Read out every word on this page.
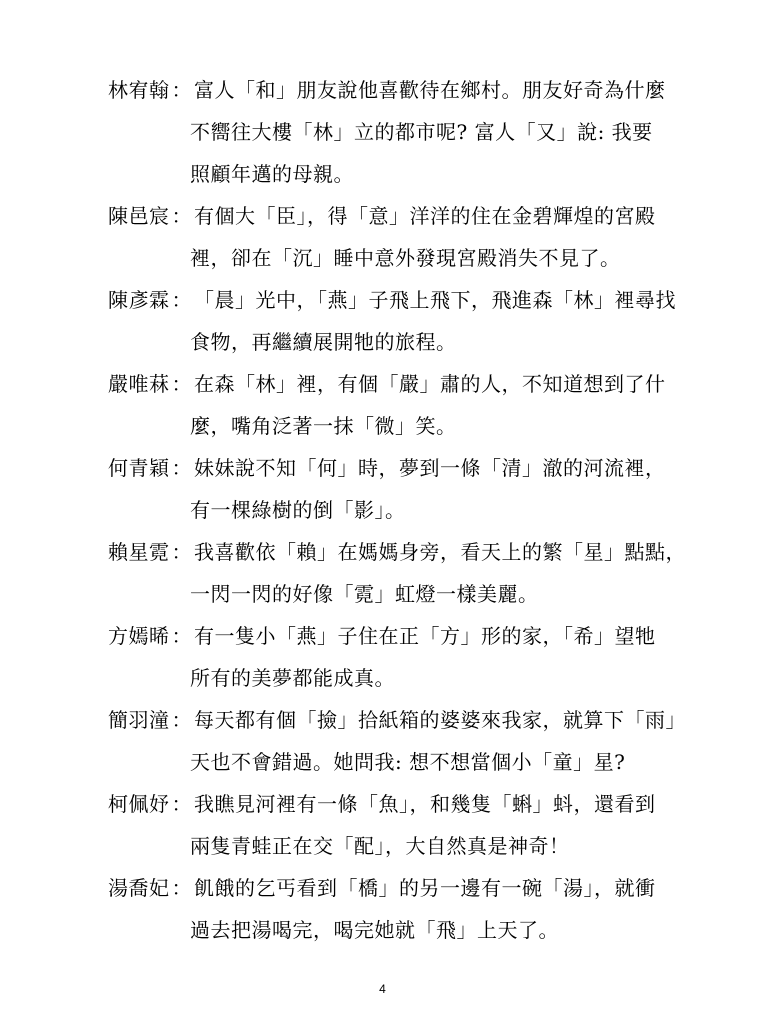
林宥翰 ： 富人「和」朋友說他喜歡待在鄉村。朋友好奇為什麼
不嚮往大樓「林」立的都市呢? 富人「又」說: 我要
照顧年邁的母親。
陳邑宸 ： 有個大「臣」，得「意」洋洋的住在金碧輝煌的宮殿
裡，卻在「沉」睡中意外發現宮殿消失不見了。
陳彥霖 ： 「晨」光中，「燕」子飛上飛下，飛進森「林」裡尋找
食物，再繼續展開牠的旅程。
嚴唯菻 ： 在森「林」裡，有個「嚴」肅的人，不知道想到了什
麼，嘴角泛著一抹「微」笑。
何青穎 ： 妹妹說不知「何」時，夢到一條「清」澈的河流裡，
有一棵綠樹的倒「影」。
賴星霓 ： 我喜歡依「賴」在媽媽身旁，看天上的繁「星」點點，
一閃一閃的好像「霓」虹燈一樣美麗。
方嫣晞 ： 有一隻小「燕」子住在正「方」形的家，「希」望牠
所有的美夢都能成真。
簡羽潼 ： 每天都有個「撿」拾紙箱的婆婆來我家，就算下「雨」
天也不會錯過。她問我: 想不想當個小「童」星?
柯佩妤 ： 我瞧見河裡有一條「魚」，和幾隻「蝌」蚪，還看到
兩隻青蛙正在交「配」，大自然真是神奇！
湯喬妃 ： 飢餓的乞丐看到「橋」的另一邊有一碗「湯」，就衝
過去把湯喝完，喝完她就「飛」上天了。
4
